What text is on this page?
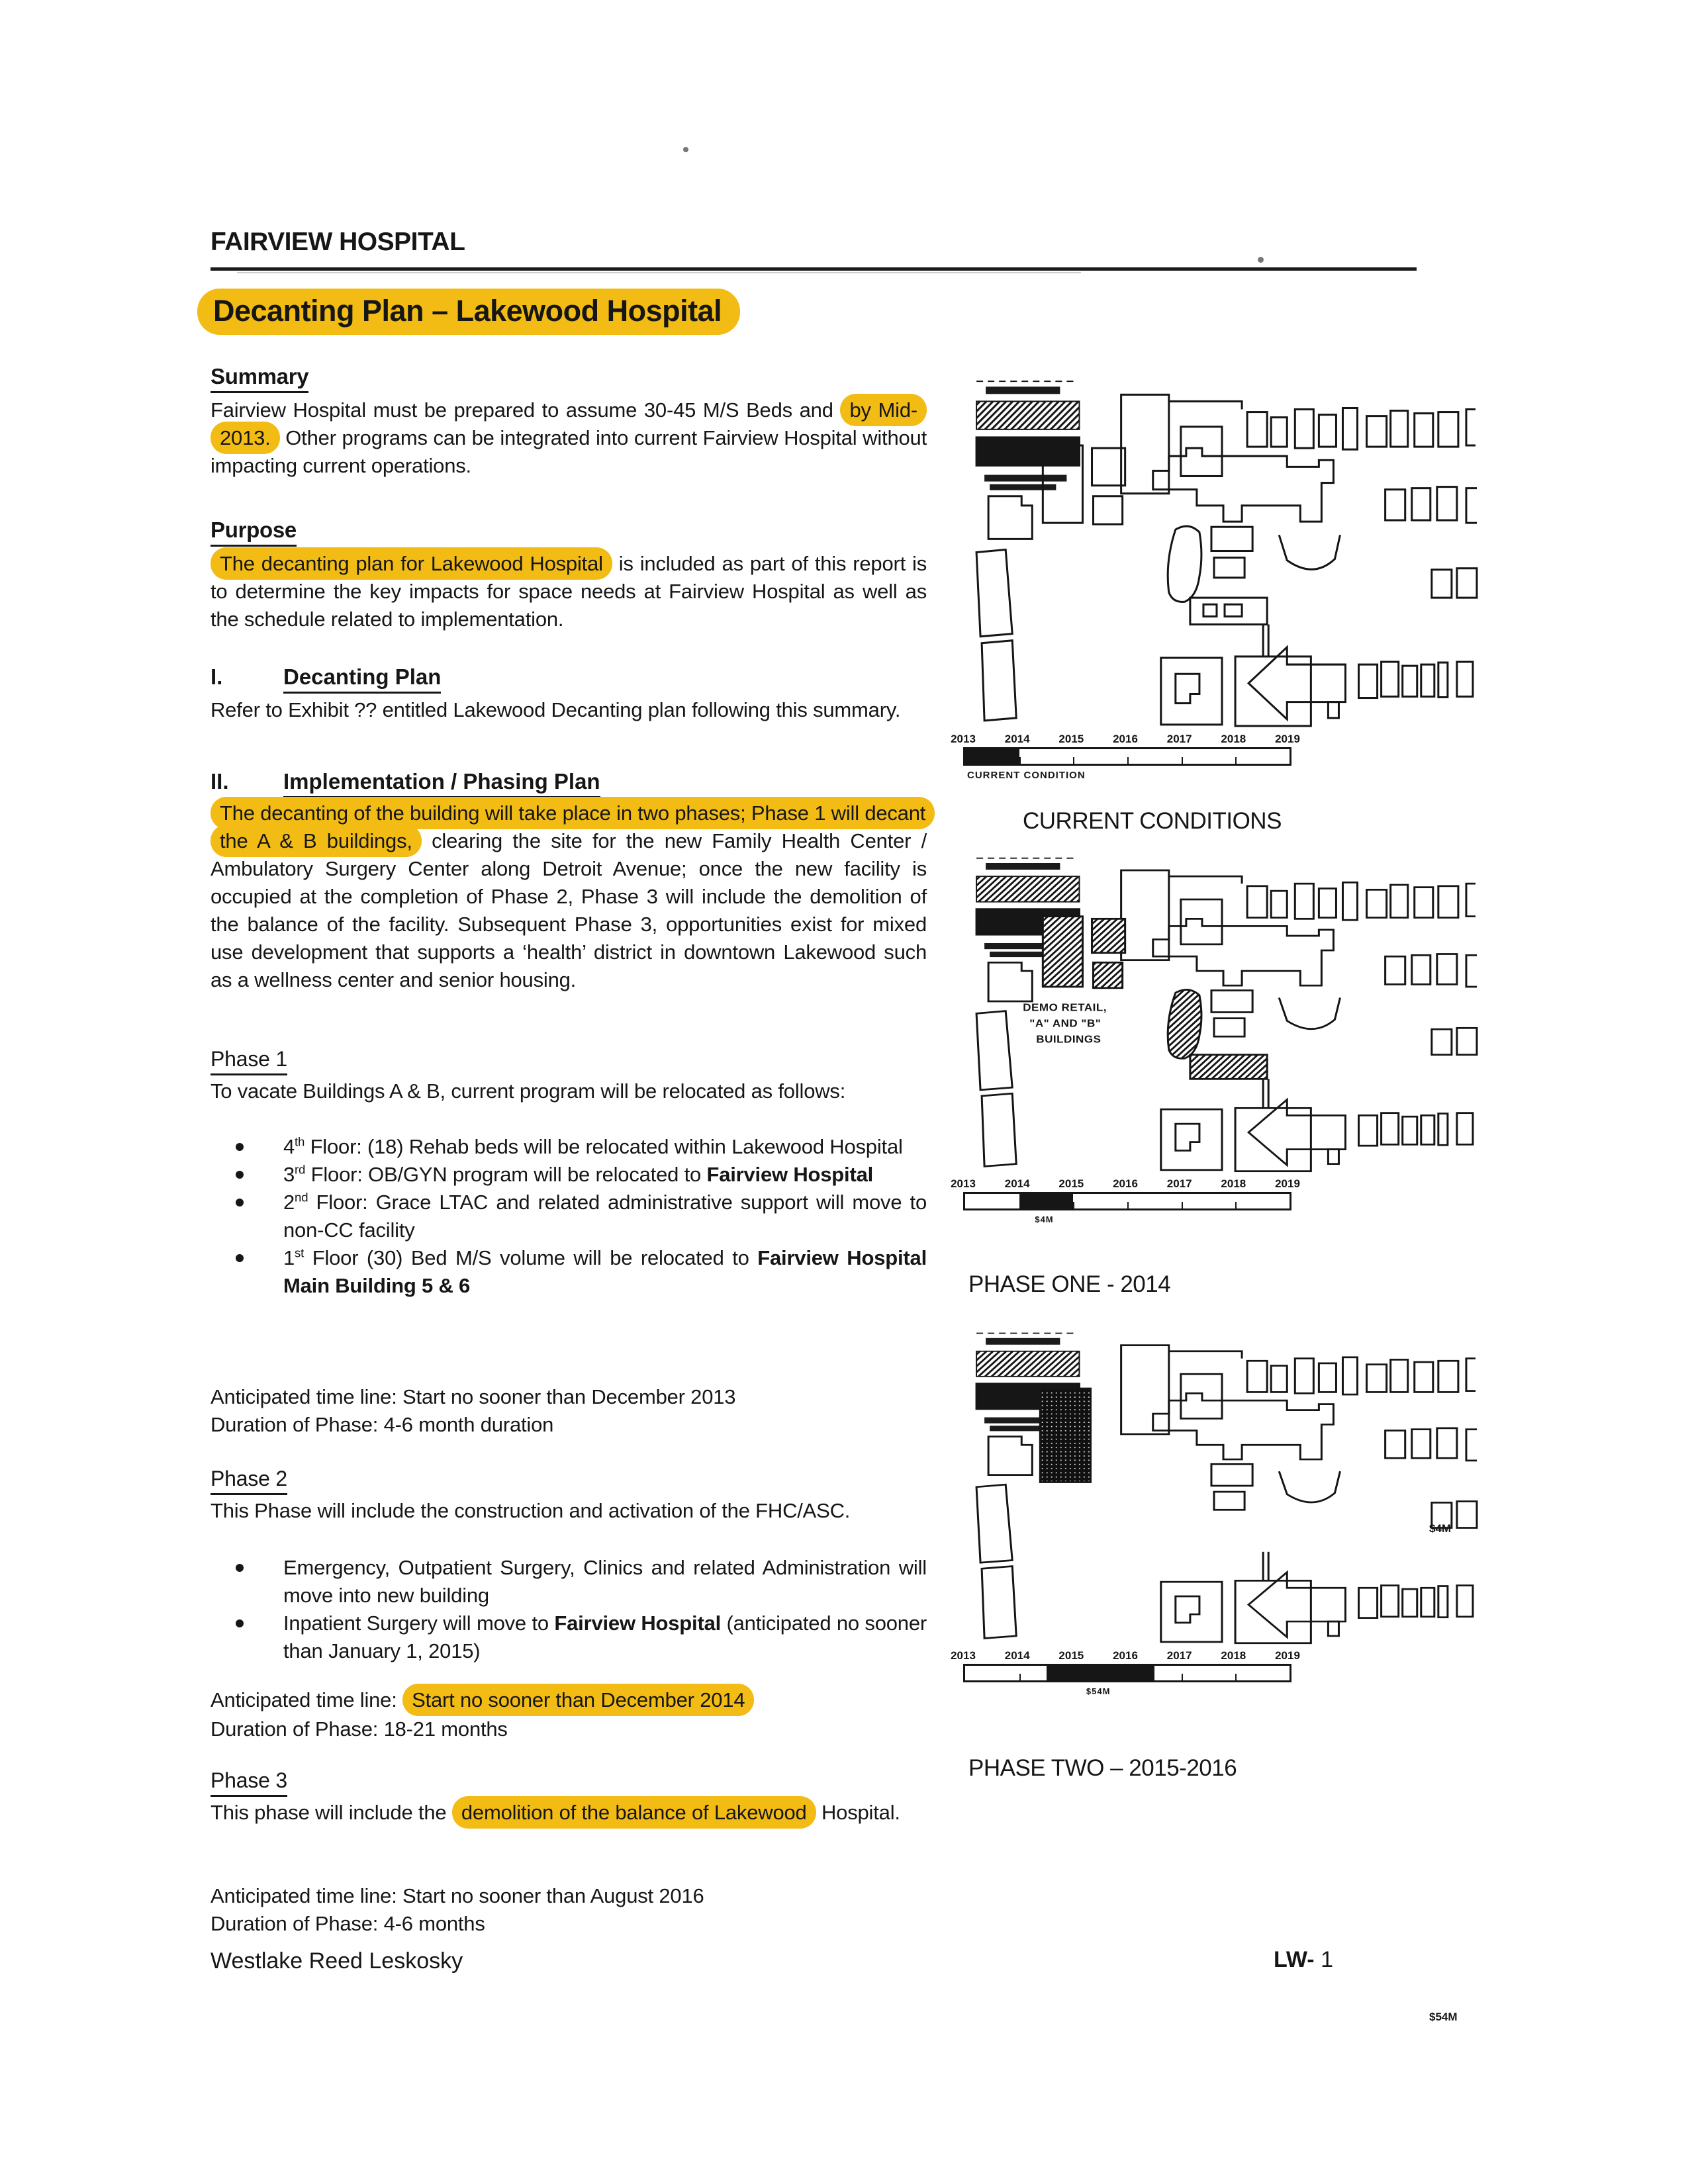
FAIRVIEW HOSPITAL
Decanting Plan – Lakewood Hospital
Summary
Fairview Hospital must be prepared to assume 30-45 M/S Beds and by Mid-2013. Other programs can be integrated into current Fairview Hospital without impacting current operations.
Purpose
The decanting plan for Lakewood Hospital is included as part of this report is to determine the key impacts for space needs at Fairview Hospital as well as the schedule related to implementation.
I.	Decanting Plan
Refer to Exhibit ?? entitled Lakewood Decanting plan following this summary.
II. Implementation / Phasing Plan
The decanting of the building will take place in two phases; Phase 1 will decant the A & B buildings, clearing the site for the new Family Health Center / Ambulatory Surgery Center along Detroit Avenue; once the new facility is occupied at the completion of Phase 2, Phase 3 will include the demolition of the balance of the facility. Subsequent Phase 3, opportunities exist for mixed use development that supports a ‘health’ district in downtown Lakewood such as a wellness center and senior housing.
Phase 1
To vacate Buildings A & B, current program will be relocated as follows:
4th Floor: (18) Rehab beds will be relocated within Lakewood Hospital
3rd Floor: OB/GYN program will be relocated to Fairview Hospital
2nd Floor: Grace LTAC and related administrative support will move to non-CC facility
1st Floor (30) Bed M/S volume will be relocated to Fairview Hospital Main Building 5 & 6
Anticipated time line: Start no sooner than December 2013
Duration of Phase: 4-6 month duration
Phase 2
This Phase will include the construction and activation of the FHC/ASC.
Emergency, Outpatient Surgery, Clinics and related Administration will move into new building
Inpatient Surgery will move to Fairview Hospital (anticipated no sooner than January 1, 2015)
Anticipated time line: Start no sooner than December 2014
Duration of Phase: 18-21 months
Phase 3
This phase will include the demolition of the balance of Lakewood Hospital.
Anticipated time line: Start no sooner than August 2016
Duration of Phase: 4-6 months
Westlake Reed Leskosky	LW- 1
2013	2014	2015	2016	2017	2018	2019
CURRENT CONDITION
CURRENT CONDITIONS
DEMO RETAIL,
"A" AND "B"
BUILDINGS
2013	2014	2015	2016	2017	2018	2019
$4M
$4M
PHASE ONE - 2014
2013	2014	2015	2016	2017	2018	2019
$54M
$54M
PHASE TWO – 2015-2016
